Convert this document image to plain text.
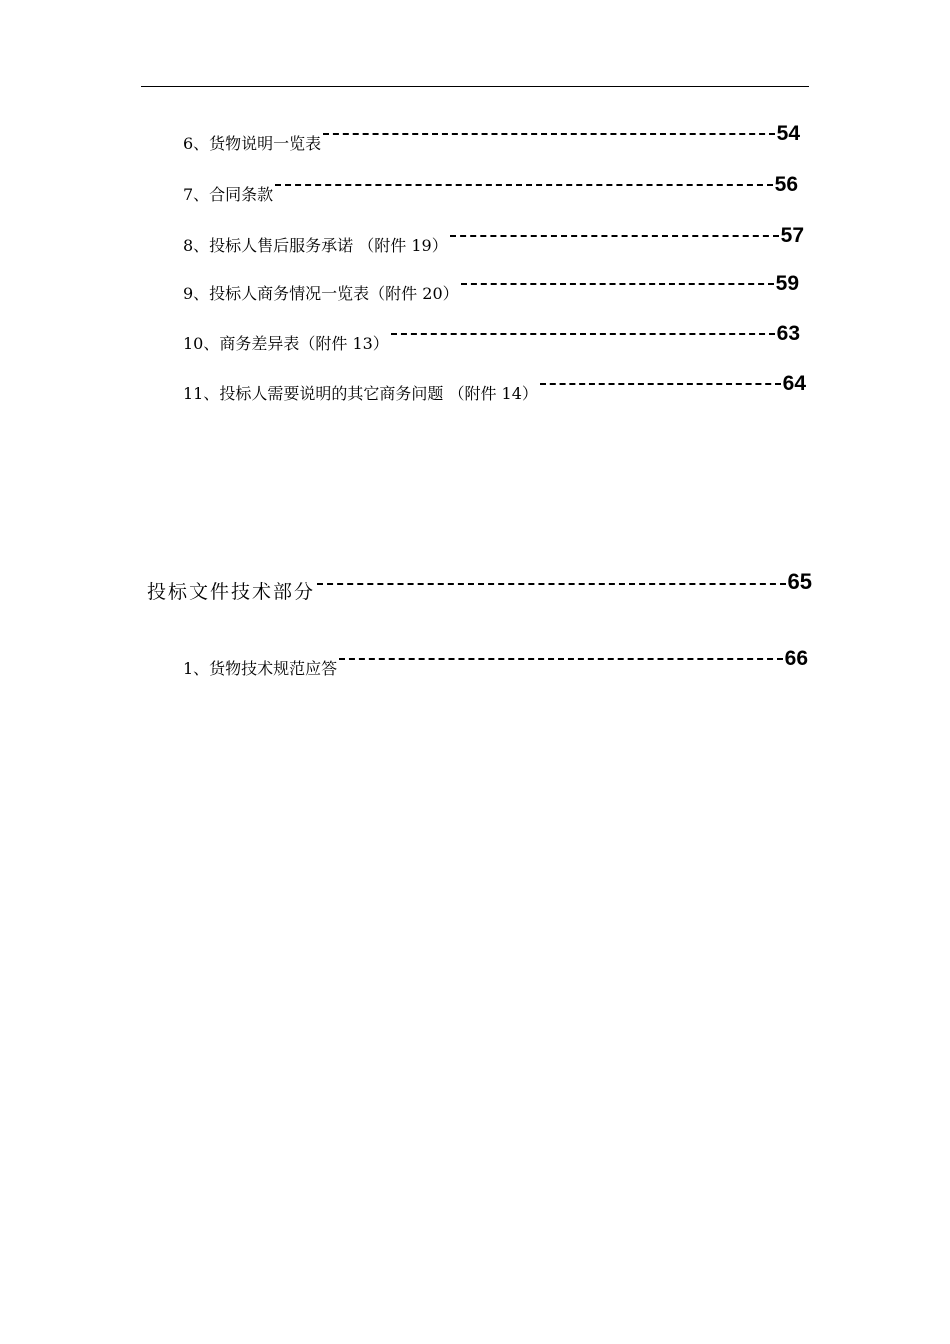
6、货物说明一览表	54
7、合同条款	56
8、投标人售后服务承诺 （附件 19）	57
9、投标人商务情况一览表（附件 20）	59
10、商务差异表（附件 13）	63
11、投标人需要说明的其它商务问题 （附件 14）	64
投标文件技术部分	65
1、货物技术规范应答	66
